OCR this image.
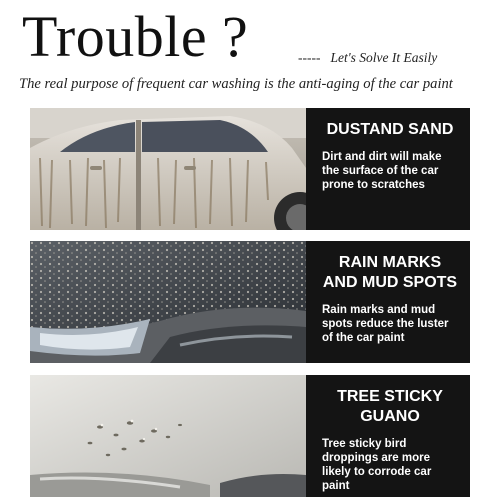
Trouble ?	----- Let's Solve It Easily
The real purpose of frequent car washing is the anti-aging of the car paint
DUSTAND SAND
Dirt and dirt will make the surface of the car prone to scratches
RAIN MARKS AND MUD SPOTS
Rain marks and mud spots reduce the luster of the car paint
TREE STICKY GUANO
Tree sticky bird droppings are more likely to corrode car paint
